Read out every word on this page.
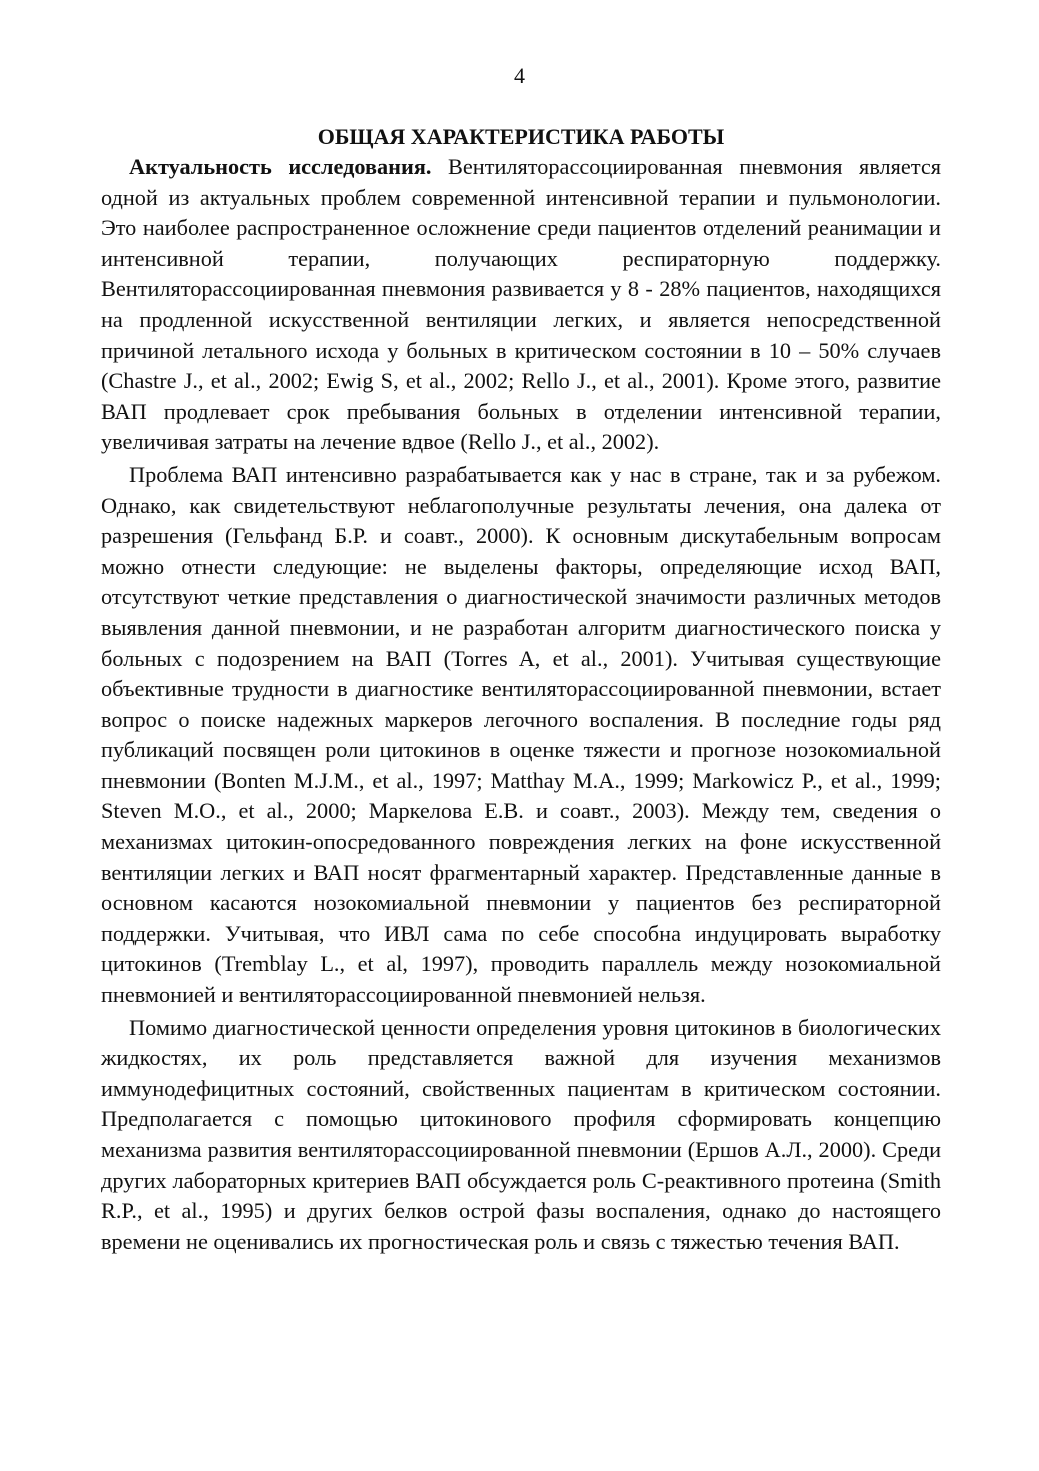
4
ОБЩАЯ ХАРАКТЕРИСТИКА РАБОТЫ

Актуальность исследования. Вентиляторассоциированная пневмония является одной из актуальных проблем современной интенсивной терапии и пульмонологии. Это наиболее распространенное осложнение среди пациентов отделений реанимации и интенсивной терапии, получающих респираторную поддержку. Вентиляторассоциированная пневмония развивается у 8 - 28% пациентов, находящихся на продленной искусственной вентиляции легких, и является непосредственной причиной летального исхода у больных в критическом состоянии в 10 – 50% случаев (Chastre J., et al., 2002; Ewig S, et al., 2002; Rello J., et al., 2001). Кроме этого, развитие ВАП продлевает срок пребывания больных в отделении интенсивной терапии, увеличивая затраты на лечение вдвое (Rello J., et al., 2002).

Проблема ВАП интенсивно разрабатывается как у нас в стране, так и за рубежом. Однако, как свидетельствуют неблагополучные результаты лечения, она далека от разрешения (Гельфанд Б.Р. и соавт., 2000). К основным дискутабельным вопросам можно отнести следующие: не выделены факторы, определяющие исход ВАП, отсутствуют четкие представления о диагностической значимости различных методов выявления данной пневмонии, и не разработан алгоритм диагностического поиска у больных с подозрением на ВАП (Torres A, et al., 2001). Учитывая существующие объективные трудности в диагностике вентиляторассоциированной пневмонии, встает вопрос о поиске надежных маркеров легочного воспаления. В последние годы ряд публикаций посвящен роли цитокинов в оценке тяжести и прогнозе нозокомиальной пневмонии (Bonten M.J.M., et al., 1997; Matthay M.A., 1999; Markowicz P., et al., 1999; Steven M.O., et al., 2000; Маркелова Е.В. и соавт., 2003). Между тем, сведения о механизмах цитокин-опосредованного повреждения легких на фоне искусственной вентиляции легких и ВАП носят фрагментарный характер. Представленные данные в основном касаются нозокомиальной пневмонии у пациентов без респираторной поддержки. Учитывая, что ИВЛ сама по себе способна индуцировать выработку цитокинов (Tremblay L., et al, 1997), проводить параллель между нозокомиальной пневмонией и вентиляторассоциированной пневмонией нельзя.

Помимо диагностической ценности определения уровня цитокинов в биологических жидкостях, их роль представляется важной для изучения механизмов иммунодефицитных состояний, свойственных пациентам в критическом состоянии. Предполагается с помощью цитокинового профиля сформировать концепцию механизма развития вентиляторассоциированной пневмонии (Ершов А.Л., 2000). Среди других лабораторных критериев ВАП обсуждается роль С-реактивного протеина (Smith R.P., et al., 1995) и других белков острой фазы воспаления, однако до настоящего времени не оценивались их прогностическая роль и связь с тяжестью течения ВАП.
